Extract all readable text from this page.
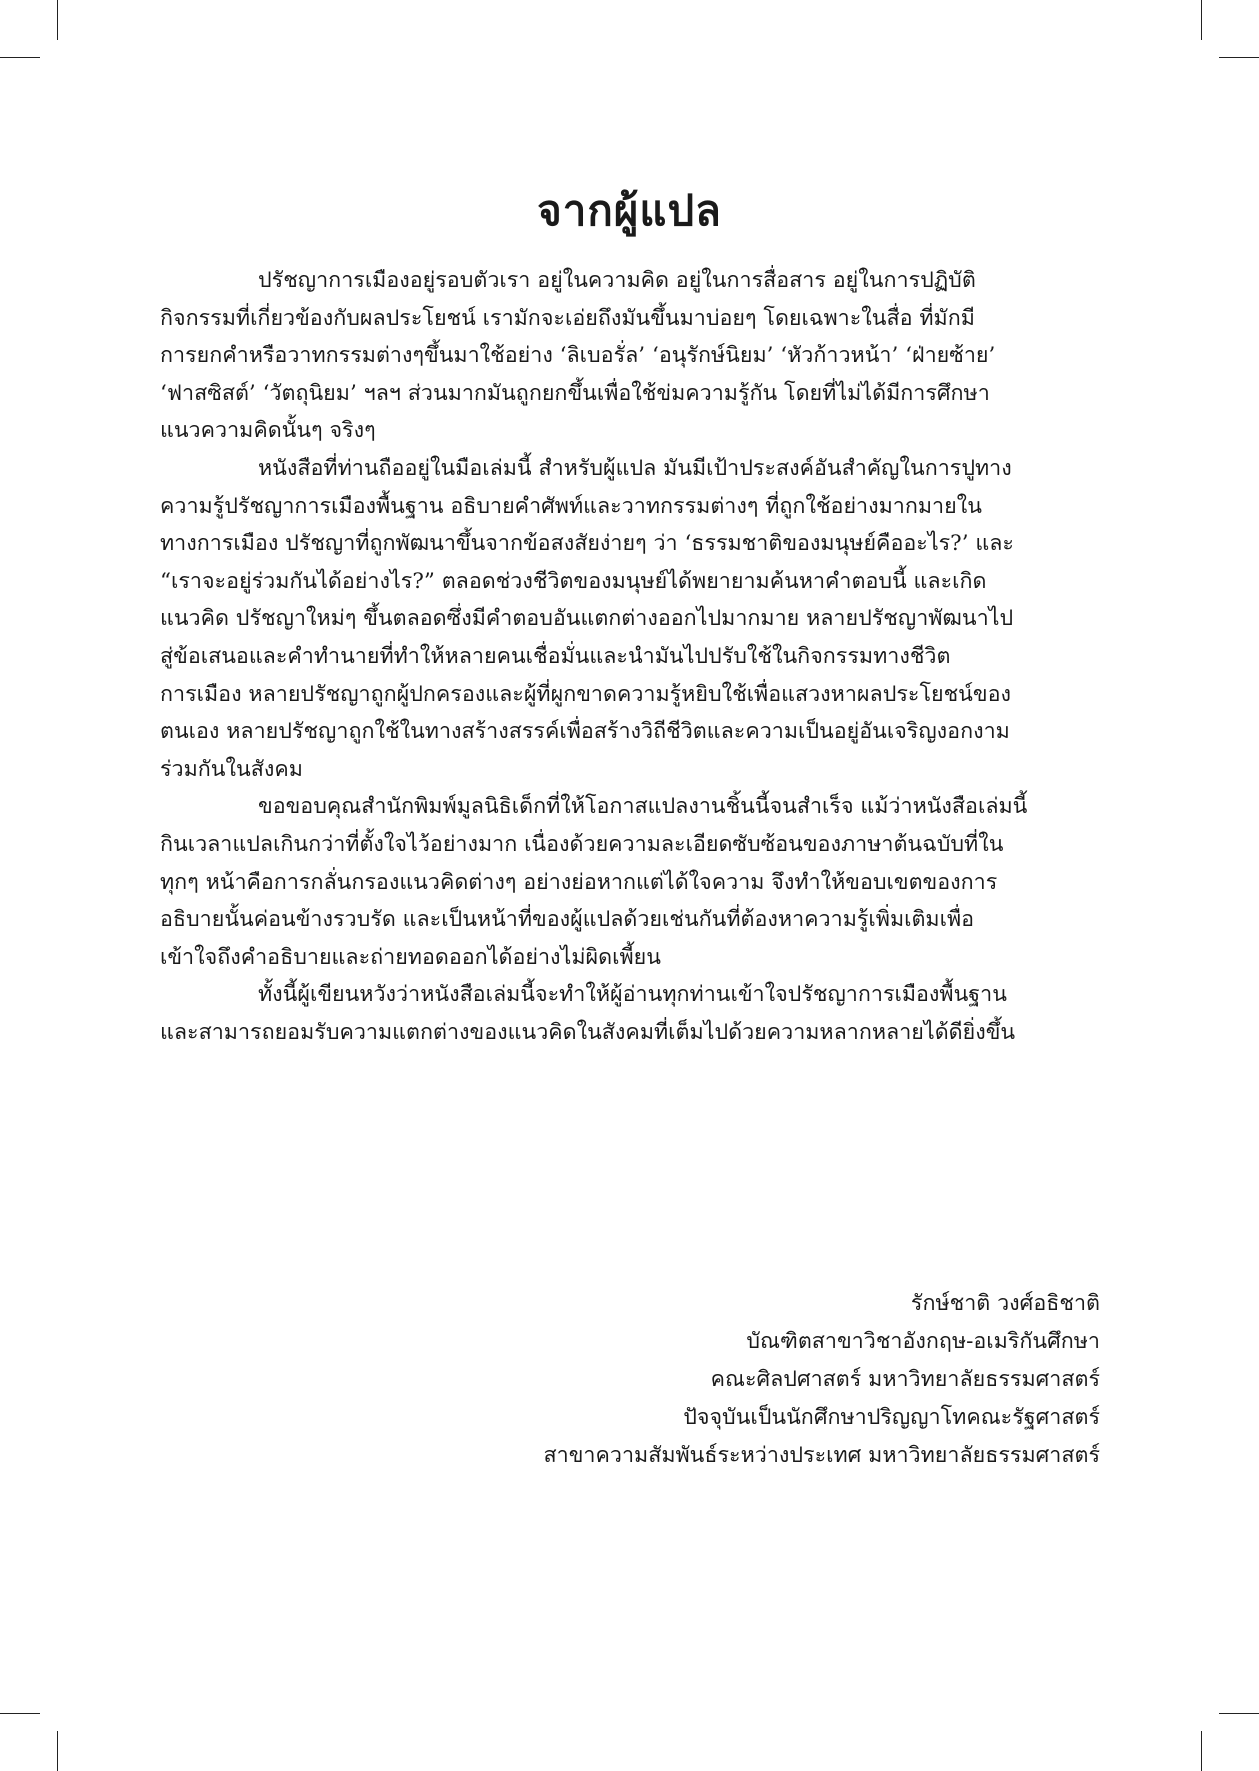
จากผู้แปล

ปรัชญาการเมืองอยู่รอบตัวเรา อยู่ในความคิด อยู่ในการสื่อสาร อยู่ในการปฏิบัติ
กิจกรรมที่เกี่ยวข้องกับผลประโยชน์ เรามักจะเอ่ยถึงมันขึ้นมาบ่อยๆ โดยเฉพาะในสื่อ ที่มักมี
การยกคำหรือวาทกรรมต่างๆขึ้นมาใช้อย่าง ‘ลิเบอรั่ล’ ‘อนุรักษ์นิยม’ ‘หัวก้าวหน้า’ ‘ฝ่ายซ้าย’
‘ฟาสซิสต์’ ‘วัตถุนิยม’ ฯลฯ ส่วนมากมันถูกยกขึ้นเพื่อใช้ข่มความรู้กัน โดยที่ไม่ได้มีการศึกษา
แนวความคิดนั้นๆ จริงๆ

หนังสือที่ท่านถืออยู่ในมือเล่มนี้ สำหรับผู้แปล มันมีเป้าประสงค์อันสำคัญในการปูทาง
ความรู้ปรัชญาการเมืองพื้นฐาน อธิบายคำศัพท์และวาทกรรมต่างๆ ที่ถูกใช้อย่างมากมายใน
ทางการเมือง ปรัชญาที่ถูกพัฒนาขึ้นจากข้อสงสัยง่ายๆ ว่า ‘ธรรมชาติของมนุษย์คืออะไร?’ และ
“เราจะอยู่ร่วมกันได้อย่างไร?” ตลอดช่วงชีวิตของมนุษย์ได้พยายามค้นหาคำตอบนี้ และเกิด
แนวคิด ปรัชญาใหม่ๆ ขึ้นตลอดซึ่งมีคำตอบอันแตกต่างออกไปมากมาย หลายปรัชญาพัฒนาไป
สู่ข้อเสนอและคำทำนายที่ทำให้หลายคนเชื่อมั่นและนำมันไปปรับใช้ในกิจกรรมทางชีวิต
การเมือง หลายปรัชญาถูกผู้ปกครองและผู้ที่ผูกขาดความรู้หยิบใช้เพื่อแสวงหาผลประโยชน์ของ
ตนเอง หลายปรัชญาถูกใช้ในทางสร้างสรรค์เพื่อสร้างวิถีชีวิตและความเป็นอยู่อันเจริญงอกงาม
ร่วมกันในสังคม

ขอขอบคุณสำนักพิมพ์มูลนิธิเด็กที่ให้โอกาสแปลงานชิ้นนี้จนสำเร็จ แม้ว่าหนังสือเล่มนี้
กินเวลาแปลเกินกว่าที่ตั้งใจไว้อย่างมาก เนื่องด้วยความละเอียดซับซ้อนของภาษาต้นฉบับที่ใน
ทุกๆ หน้าคือการกลั่นกรองแนวคิดต่างๆ อย่างย่อหากแต่ได้ใจความ จึงทำให้ขอบเขตของการ
อธิบายนั้นค่อนข้างรวบรัด และเป็นหน้าที่ของผู้แปลด้วยเช่นกันที่ต้องหาความรู้เพิ่มเติมเพื่อ
เข้าใจถึงคำอธิบายและถ่ายทอดออกได้อย่างไม่ผิดเพี้ยน

ทั้งนี้ผู้เขียนหวังว่าหนังสือเล่มนี้จะทำให้ผู้อ่านทุกท่านเข้าใจปรัชญาการเมืองพื้นฐาน
และสามารถยอมรับความแตกต่างของแนวคิดในสังคมที่เต็มไปด้วยความหลากหลายได้ดียิ่งขึ้น

รักษ์ชาติ วงศ์อธิชาติ
บัณฑิตสาขาวิชาอังกฤษ-อเมริกันศึกษา
คณะศิลปศาสตร์ มหาวิทยาลัยธรรมศาสตร์
ปัจจุบันเป็นนักศึกษาปริญญาโทคณะรัฐศาสตร์
สาขาความสัมพันธ์ระหว่างประเทศ มหาวิทยาลัยธรรมศาสตร์
